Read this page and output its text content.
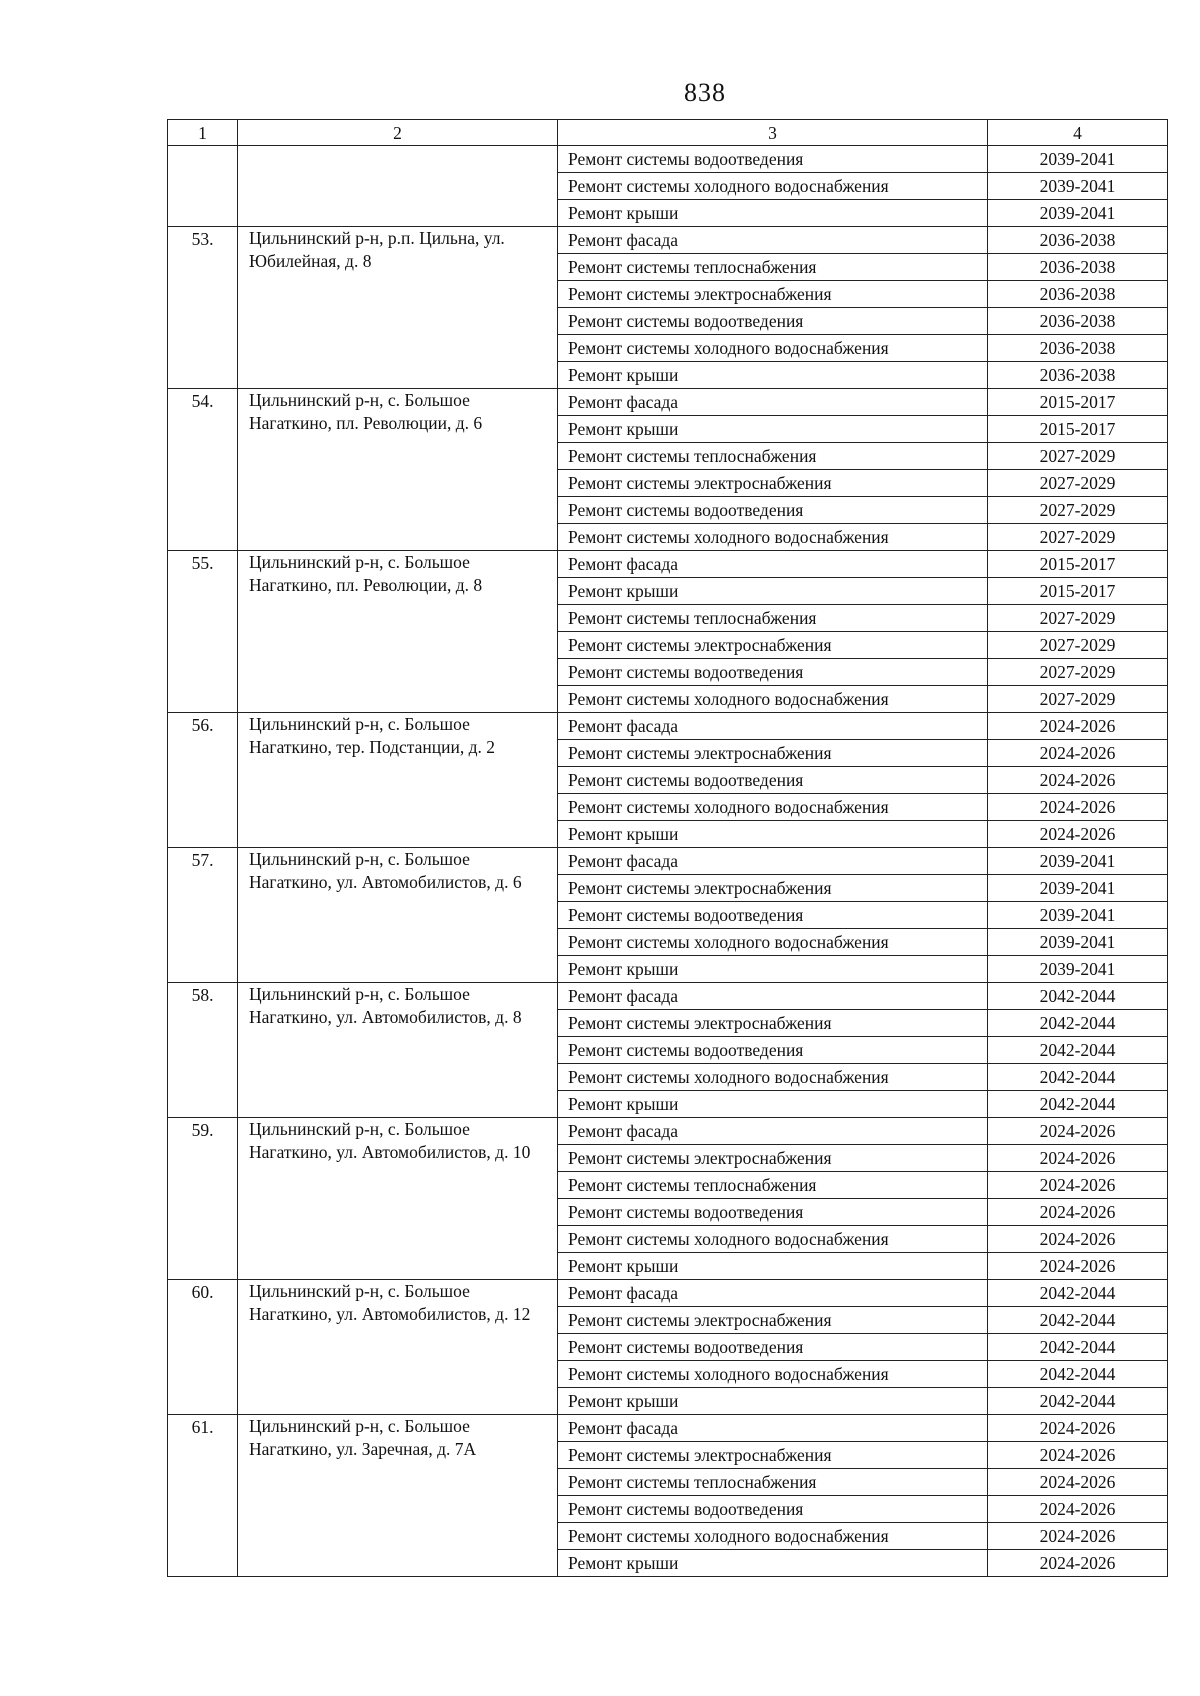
838
1	2	3	4
		Ремонт системы водоотведения	2039-2041
		Ремонт системы холодного водоснабжения	2039-2041
		Ремонт крыши	2039-2041
53.	Цильнинский р-н, р.п. Цильна, ул. Юбилейная, д. 8	Ремонт фасада	2036-2038
		Ремонт системы теплоснабжения	2036-2038
		Ремонт системы электроснабжения	2036-2038
		Ремонт системы водоотведения	2036-2038
		Ремонт системы холодного водоснабжения	2036-2038
		Ремонт крыши	2036-2038
54.	Цильнинский р-н, с. Большое Нагаткино, пл. Революции, д. 6	Ремонт фасада	2015-2017
		Ремонт крыши	2015-2017
		Ремонт системы теплоснабжения	2027-2029
		Ремонт системы электроснабжения	2027-2029
		Ремонт системы водоотведения	2027-2029
		Ремонт системы холодного водоснабжения	2027-2029
55.	Цильнинский р-н, с. Большое Нагаткино, пл. Революции, д. 8	Ремонт фасада	2015-2017
		Ремонт крыши	2015-2017
		Ремонт системы теплоснабжения	2027-2029
		Ремонт системы электроснабжения	2027-2029
		Ремонт системы водоотведения	2027-2029
		Ремонт системы холодного водоснабжения	2027-2029
56.	Цильнинский р-н, с. Большое Нагаткино, тер. Подстанции, д. 2	Ремонт фасада	2024-2026
		Ремонт системы электроснабжения	2024-2026
		Ремонт системы водоотведения	2024-2026
		Ремонт системы холодного водоснабжения	2024-2026
		Ремонт крыши	2024-2026
57.	Цильнинский р-н, с. Большое Нагаткино, ул. Автомобилистов, д. 6	Ремонт фасада	2039-2041
		Ремонт системы электроснабжения	2039-2041
		Ремонт системы водоотведения	2039-2041
		Ремонт системы холодного водоснабжения	2039-2041
		Ремонт крыши	2039-2041
58.	Цильнинский р-н, с. Большое Нагаткино, ул. Автомобилистов, д. 8	Ремонт фасада	2042-2044
		Ремонт системы электроснабжения	2042-2044
		Ремонт системы водоотведения	2042-2044
		Ремонт системы холодного водоснабжения	2042-2044
		Ремонт крыши	2042-2044
59.	Цильнинский р-н, с. Большое Нагаткино, ул. Автомобилистов, д. 10	Ремонт фасада	2024-2026
		Ремонт системы электроснабжения	2024-2026
		Ремонт системы теплоснабжения	2024-2026
		Ремонт системы водоотведения	2024-2026
		Ремонт системы холодного водоснабжения	2024-2026
		Ремонт крыши	2024-2026
60.	Цильнинский р-н, с. Большое Нагаткино, ул. Автомобилистов, д. 12	Ремонт фасада	2042-2044
		Ремонт системы электроснабжения	2042-2044
		Ремонт системы водоотведения	2042-2044
		Ремонт системы холодного водоснабжения	2042-2044
		Ремонт крыши	2042-2044
61.	Цильнинский р-н, с. Большое Нагаткино, ул. Заречная, д. 7А	Ремонт фасада	2024-2026
		Ремонт системы электроснабжения	2024-2026
		Ремонт системы теплоснабжения	2024-2026
		Ремонт системы водоотведения	2024-2026
		Ремонт системы холодного водоснабжения	2024-2026
		Ремонт крыши	2024-2026
